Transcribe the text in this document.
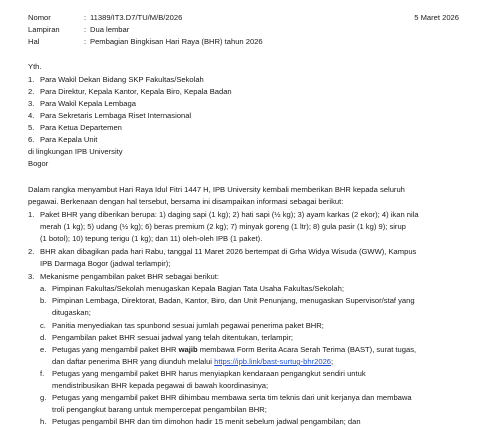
Nomor	: 11389/IT3.D7/TU/M/B/2026	5 Maret 2026
Lampiran	: Dua lembar
Hal	: Pembagian Bingkisan Hari Raya (BHR) tahun 2026
Yth.
1. Para Wakil Dekan Bidang SKP Fakultas/Sekolah
2. Para Direktur, Kepala Kantor, Kepala Biro, Kepala Badan
3. Para Wakil Kepala Lembaga
4. Para Sekretaris Lembaga Riset Internasional
5. Para Ketua Departemen
6. Para Kepala Unit
di lingkungan IPB University
Bogor
Dalam rangka menyambut Hari Raya Idul Fitri 1447 H, IPB University kembali memberikan BHR kepada seluruh
pegawai. Berkenaan dengan hal tersebut, bersama ini disampaikan informasi sebagai berikut:
1. Paket BHR yang diberikan berupa: 1) daging sapi (1 kg); 2) hati sapi (½ kg); 3) ayam karkas (2 ekor); 4) ikan nila
merah (1 kg); 5) udang (½ kg); 6) beras premium (2 kg); 7) minyak goreng (1 ltr); 8) gula pasir (1 kg) 9); sirup
(1 botol); 10) tepung terigu (1 kg); dan 11) oleh-oleh IPB (1 paket).
2. BHR akan dibagikan pada hari Rabu, tanggal 11 Maret 2026 bertempat di Grha Widya Wisuda (GWW), Kampus
IPB Darmaga Bogor (jadwal terlampir);
3. Mekanisme pengambilan paket BHR sebagai berikut:
a. Pimpinan Fakultas/Sekolah menugaskan Kepala Bagian Tata Usaha Fakultas/Sekolah;
b. Pimpinan Lembaga, Direktorat, Badan, Kantor, Biro, dan Unit Penunjang, menugaskan Supervisor/staf yang
ditugaskan;
c. Panitia menyediakan tas spunbond sesuai jumlah pegawai penerima paket BHR;
d. Pengambilan paket BHR sesuai jadwal yang telah ditentukan, terlampir;
e. Petugas yang mengambil paket BHR wajib membawa Form Berita Acara Serah Terima (BAST), surat tugas,
dan daftar penerima BHR yang diunduh melalui https://ipb.link/bast-surtug-bhr2026;
f. Petugas yang mengambil paket BHR harus menyiapkan kendaraan pengangkut sendiri untuk
mendistribusikan BHR kepada pegawai di bawah koordinasinya;
g. Petugas yang mengambil paket BHR dihimbau membawa serta tim teknis dari unit kerjanya dan membawa
troli pengangkut barang untuk mempercepat pengambilan BHR;
h. Petugas pengambil BHR dan tim dimohon hadir 15 menit sebelum jadwal pengambilan; dan
